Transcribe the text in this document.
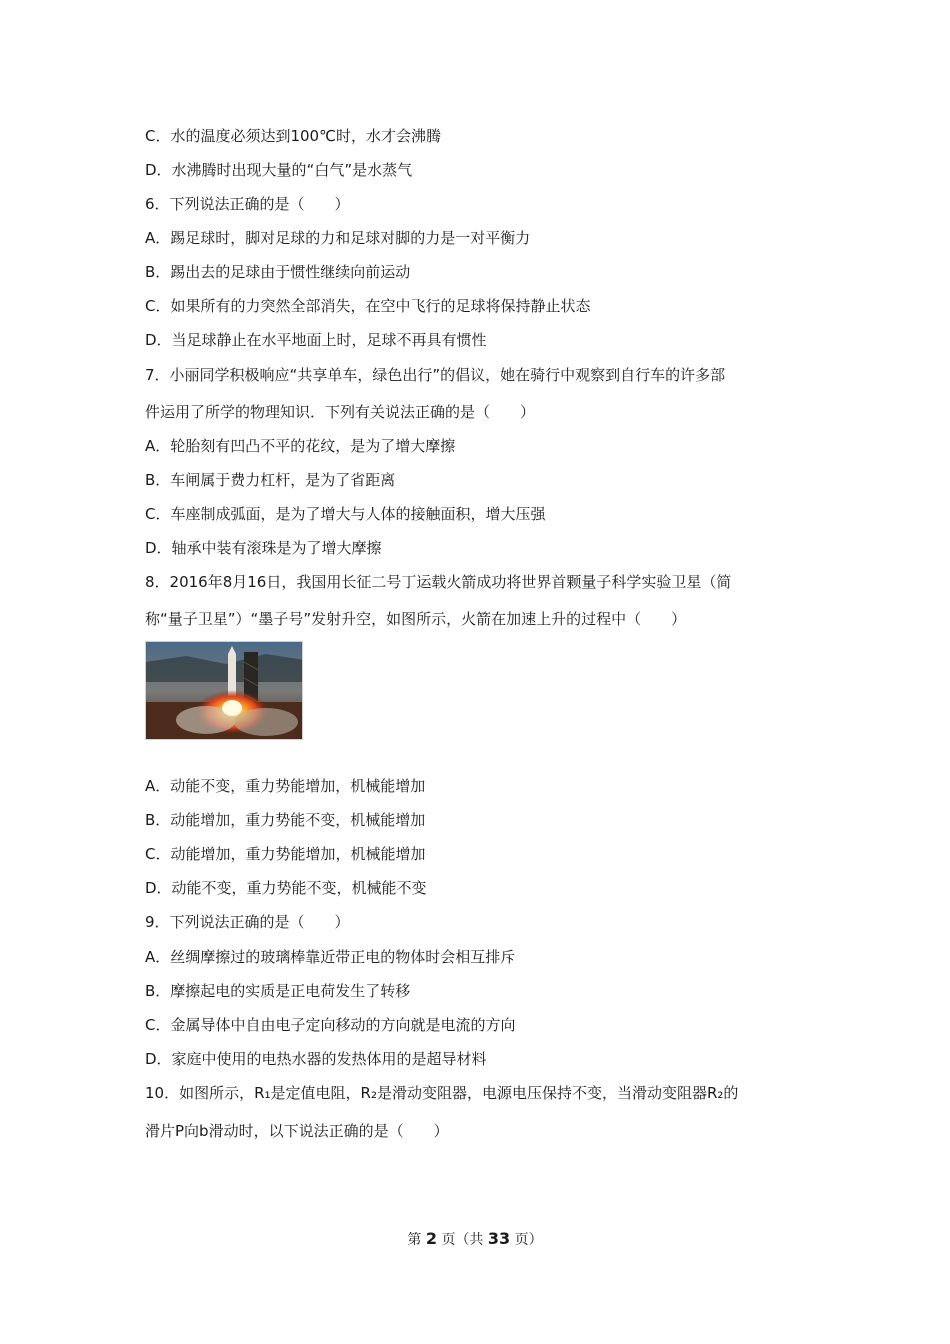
C．水的温度必须达到100℃时，水才会沸腾
D．水沸腾时出现大量的“白气”是水蒸气
6．下列说法正确的是（　　）
A．踢足球时，脚对足球的力和足球对脚的力是一对平衡力
B．踢出去的足球由于惯性继续向前运动
C．如果所有的力突然全部消失，在空中飞行的足球将保持静止状态
D．当足球静止在水平地面上时，足球不再具有惯性
7．小丽同学积极响应“共享单车，绿色出行”的倡议，她在骑行中观察到自行车的许多部
件运用了所学的物理知识．下列有关说法正确的是（　　）
A．轮胎刻有凹凸不平的花纹，是为了增大摩擦
B．车闸属于费力杠杆，是为了省距离
C．车座制成弧面，是为了增大与人体的接触面积，增大压强
D．轴承中装有滚珠是为了增大摩擦
8．2016年8月16日，我国用长征二号丁运载火箭成功将世界首颗量子科学实验卫星（简
称“量子卫星”）“墨子号”发射升空，如图所示，火箭在加速上升的过程中（　　）
A．动能不变，重力势能增加，机械能增加
B．动能增加，重力势能不变，机械能增加
C．动能增加，重力势能增加，机械能增加
D．动能不变，重力势能不变，机械能不变
9．下列说法正确的是（　　）
A．丝绸摩擦过的玻璃棒靠近带正电的物体时会相互排斥
B．摩擦起电的实质是正电荷发生了转移
C．金属导体中自由电子定向移动的方向就是电流的方向
D．家庭中使用的电热水器的发热体用的是超导材料
10．如图所示，R₁是定值电阻，R₂是滑动变阻器，电源电压保持不变，当滑动变阻器R₂的
滑片P向b滑动时，以下说法正确的是（　　）
第 2 页（共 33 页）
